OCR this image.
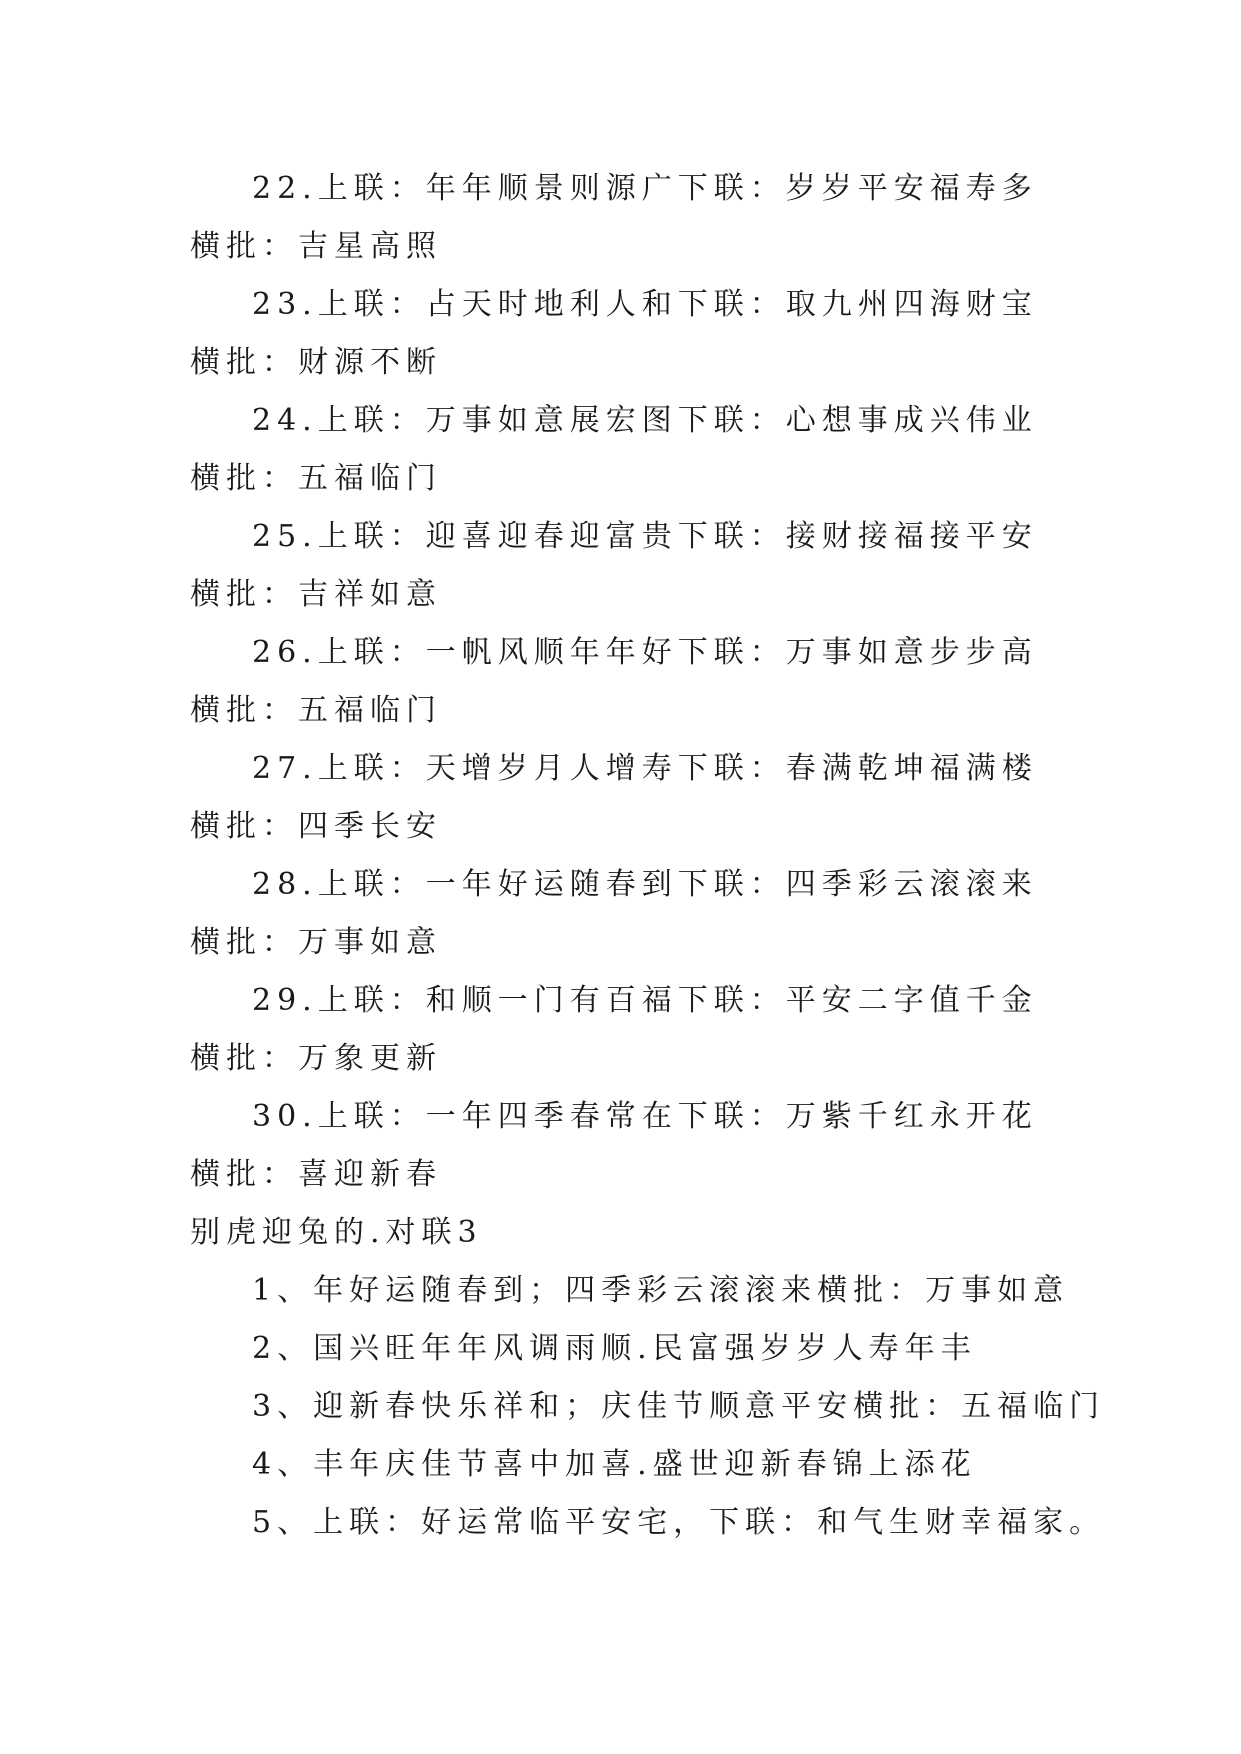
22.上联：年年顺景则源广下联：岁岁平安福寿多横批：吉星高照

23.上联：占天时地利人和下联：取九州四海财宝横批：财源不断

24.上联：万事如意展宏图下联：心想事成兴伟业横批：五福临门

25.上联：迎喜迎春迎富贵下联：接财接福接平安横批：吉祥如意

26.上联：一帆风顺年年好下联：万事如意步步高横批：五福临门

27.上联：天增岁月人增寿下联：春满乾坤福满楼横批：四季长安

28.上联：一年好运随春到下联：四季彩云滚滚来横批：万事如意

29.上联：和顺一门有百福下联：平安二字值千金横批：万象更新

30.上联：一年四季春常在下联：万紫千红永开花横批：喜迎新春

别虎迎兔的.对联3

1、年好运随春到；四季彩云滚滚来横批：万事如意

2、国兴旺年年风调雨顺.民富强岁岁人寿年丰

3、迎新春快乐祥和；庆佳节顺意平安横批：五福临门

4、丰年庆佳节喜中加喜.盛世迎新春锦上添花

5、上联：好运常临平安宅，下联：和气生财幸福家。
